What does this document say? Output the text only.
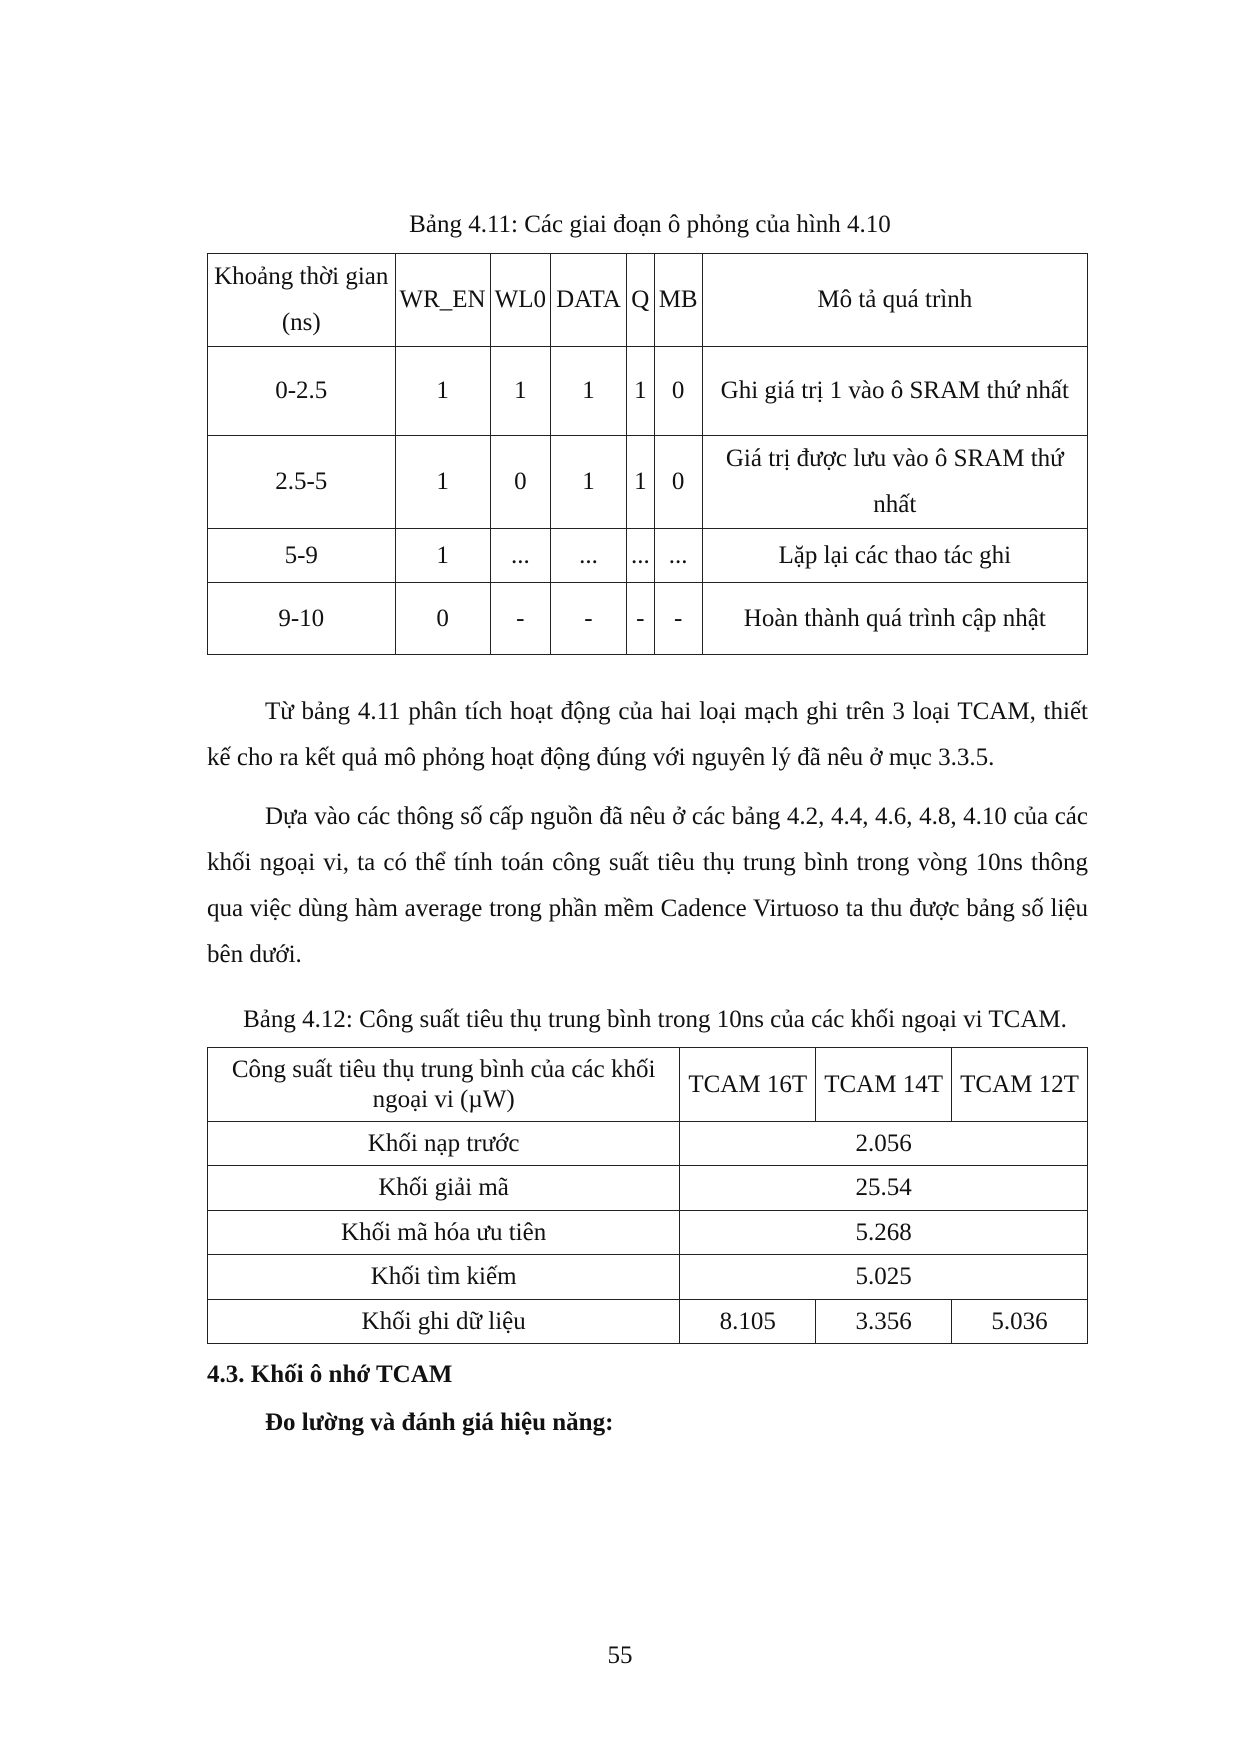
Bảng 4.11: Các giai đoạn ô phỏng của hình 4.10
Khoảng thời gian (ns)	WR_EN	WL0	DATA	Q	MB	Mô tả quá trình
0-2.5	1	1	1	1	0	Ghi giá trị 1 vào ô SRAM thứ nhất

2.5-5	1	0	1	1	0	Giá trị được lưu vào ô SRAM thứ nhất

5-9	1	...	...	...	...	Lặp lại các thao tác ghi
9-10	0	-	-	-	-	Hoàn thành quá trình cập nhật
Từ bảng 4.11 phân tích hoạt động của hai loại mạch ghi trên 3 loại TCAM, thiết kế cho ra kết quả mô phỏng hoạt động đúng với nguyên lý đã nêu ở mục 3.3.5.
Dựa vào các thông số cấp nguồn đã nêu ở các bảng 4.2, 4.4, 4.6, 4.8, 4.10 của các khối ngoại vi, ta có thể tính toán công suất tiêu thụ trung bình trong vòng 10ns thông qua việc dùng hàm average trong phần mềm Cadence Virtuoso ta thu được bảng số liệu bên dưới.
Bảng 4.12: Công suất tiêu thụ trung bình trong 10ns của các khối ngoại vi TCAM.
Công suất tiêu thụ trung bình của các khối ngoại vi (µW)	TCAM 16T	TCAM 14T	TCAM 12T
Khối nạp trước	2.056		
Khối giải mã	25.54		
Khối mã hóa ưu tiên	5.268		
Khối tìm kiếm	5.025		
Khối ghi dữ liệu	8.105	3.356	5.036
4.3. Khối ô nhớ TCAM
Đo lường và đánh giá hiệu năng:
55
